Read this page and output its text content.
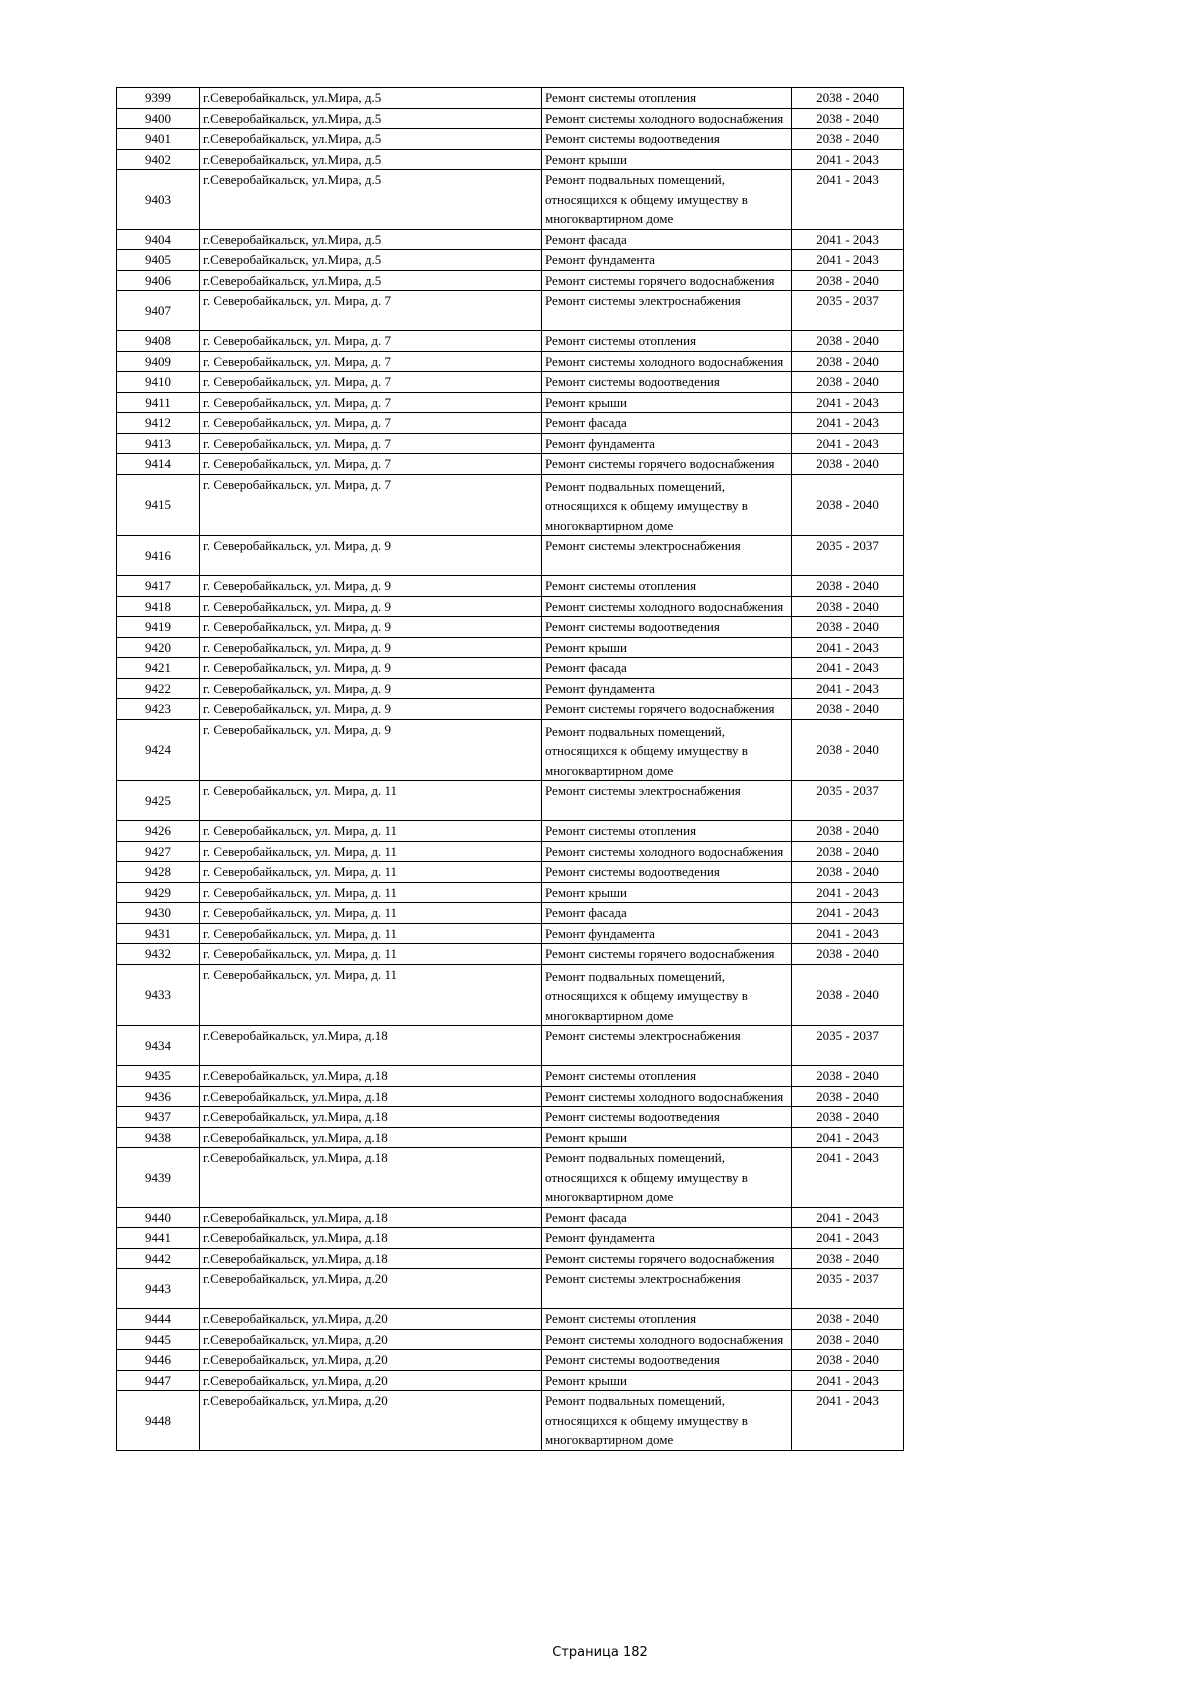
9399	г.Северобайкальск, ул.Мира, д.5	Ремонт системы отопления	2038 - 2040
9400	г.Северобайкальск, ул.Мира, д.5	Ремонт системы холодного водоснабжения	2038 - 2040
9401	г.Северобайкальск, ул.Мира, д.5	Ремонт системы водоотведения	2038 - 2040
9402	г.Северобайкальск, ул.Мира, д.5	Ремонт крыши	2041 - 2043
9403	г.Северобайкальск, ул.Мира, д.5	Ремонт подвальных помещений, относящихся к общему имуществу в многоквартирном доме	2041 - 2043
9404	г.Северобайкальск, ул.Мира, д.5	Ремонт фасада	2041 - 2043
9405	г.Северобайкальск, ул.Мира, д.5	Ремонт фундамента	2041 - 2043
9406	г.Северобайкальск, ул.Мира, д.5	Ремонт системы горячего водоснабжения	2038 - 2040
9407	г. Северобайкальск, ул. Мира, д. 7	Ремонт системы электроснабжения	2035 - 2037
9408	г. Северобайкальск, ул. Мира, д. 7	Ремонт системы отопления	2038 - 2040
9409	г. Северобайкальск, ул. Мира, д. 7	Ремонт системы холодного водоснабжения	2038 - 2040
9410	г. Северобайкальск, ул. Мира, д. 7	Ремонт системы водоотведения	2038 - 2040
9411	г. Северобайкальск, ул. Мира, д. 7	Ремонт крыши	2041 - 2043
9412	г. Северобайкальск, ул. Мира, д. 7	Ремонт фасада	2041 - 2043
9413	г. Северобайкальск, ул. Мира, д. 7	Ремонт фундамента	2041 - 2043
9414	г. Северобайкальск, ул. Мира, д. 7	Ремонт системы горячего водоснабжения	2038 - 2040
9415	г. Северобайкальск, ул. Мира, д. 7	Ремонт подвальных помещений, относящихся к общему имуществу в многоквартирном доме	2038 - 2040
9416	г. Северобайкальск, ул. Мира, д. 9	Ремонт системы электроснабжения	2035 - 2037
9417	г. Северобайкальск, ул. Мира, д. 9	Ремонт системы отопления	2038 - 2040
9418	г. Северобайкальск, ул. Мира, д. 9	Ремонт системы холодного водоснабжения	2038 - 2040
9419	г. Северобайкальск, ул. Мира, д. 9	Ремонт системы водоотведения	2038 - 2040
9420	г. Северобайкальск, ул. Мира, д. 9	Ремонт крыши	2041 - 2043
9421	г. Северобайкальск, ул. Мира, д. 9	Ремонт фасада	2041 - 2043
9422	г. Северобайкальск, ул. Мира, д. 9	Ремонт фундамента	2041 - 2043
9423	г. Северобайкальск, ул. Мира, д. 9	Ремонт системы горячего водоснабжения	2038 - 2040
9424	г. Северобайкальск, ул. Мира, д. 9	Ремонт подвальных помещений, относящихся к общему имуществу в многоквартирном доме	2038 - 2040
9425	г. Северобайкальск, ул. Мира, д. 11	Ремонт системы электроснабжения	2035 - 2037
9426	г. Северобайкальск, ул. Мира, д. 11	Ремонт системы отопления	2038 - 2040
9427	г. Северобайкальск, ул. Мира, д. 11	Ремонт системы холодного водоснабжения	2038 - 2040
9428	г. Северобайкальск, ул. Мира, д. 11	Ремонт системы водоотведения	2038 - 2040
9429	г. Северобайкальск, ул. Мира, д. 11	Ремонт крыши	2041 - 2043
9430	г. Северобайкальск, ул. Мира, д. 11	Ремонт фасада	2041 - 2043
9431	г. Северобайкальск, ул. Мира, д. 11	Ремонт фундамента	2041 - 2043
9432	г. Северобайкальск, ул. Мира, д. 11	Ремонт системы горячего водоснабжения	2038 - 2040
9433	г. Северобайкальск, ул. Мира, д. 11	Ремонт подвальных помещений, относящихся к общему имуществу в многоквартирном доме	2038 - 2040
9434	г.Северобайкальск, ул.Мира, д.18	Ремонт системы электроснабжения	2035 - 2037
9435	г.Северобайкальск, ул.Мира, д.18	Ремонт системы отопления	2038 - 2040
9436	г.Северобайкальск, ул.Мира, д.18	Ремонт системы холодного водоснабжения	2038 - 2040
9437	г.Северобайкальск, ул.Мира, д.18	Ремонт системы водоотведения	2038 - 2040
9438	г.Северобайкальск, ул.Мира, д.18	Ремонт крыши	2041 - 2043
9439	г.Северобайкальск, ул.Мира, д.18	Ремонт подвальных помещений, относящихся к общему имуществу в многоквартирном доме	2041 - 2043
9440	г.Северобайкальск, ул.Мира, д.18	Ремонт фасада	2041 - 2043
9441	г.Северобайкальск, ул.Мира, д.18	Ремонт фундамента	2041 - 2043
9442	г.Северобайкальск, ул.Мира, д.18	Ремонт системы горячего водоснабжения	2038 - 2040
9443	г.Северобайкальск, ул.Мира, д.20	Ремонт системы электроснабжения	2035 - 2037
9444	г.Северобайкальск, ул.Мира, д.20	Ремонт системы отопления	2038 - 2040
9445	г.Северобайкальск, ул.Мира, д.20	Ремонт системы холодного водоснабжения	2038 - 2040
9446	г.Северобайкальск, ул.Мира, д.20	Ремонт системы водоотведения	2038 - 2040
9447	г.Северобайкальск, ул.Мира, д.20	Ремонт крыши	2041 - 2043
9448	г.Северобайкальск, ул.Мира, д.20	Ремонт подвальных помещений, относящихся к общему имуществу в многоквартирном доме	2041 - 2043
Страница 182
